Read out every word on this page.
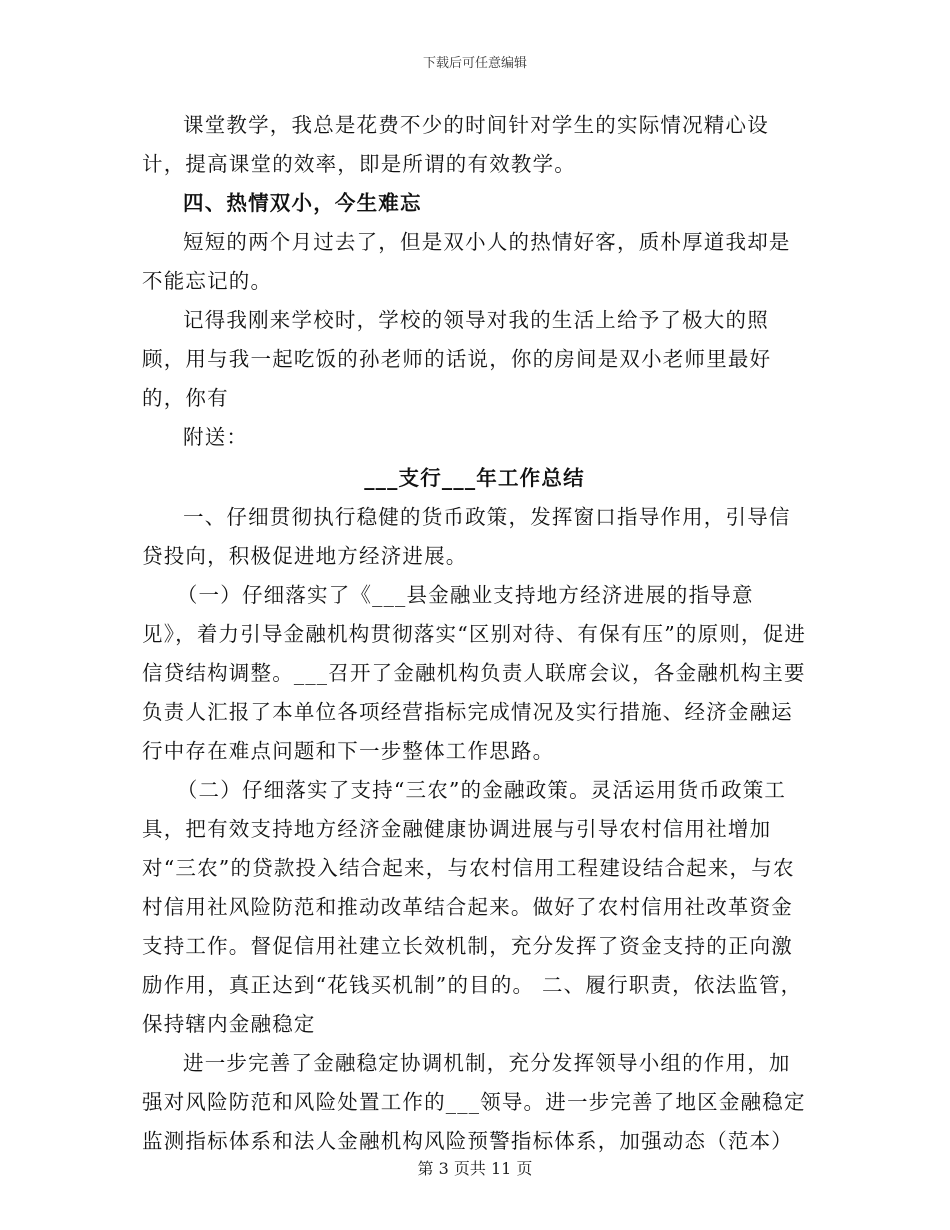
下载后可任意编辑

课堂教学，我总是花费不少的时间针对学生的实际情况精心设计，提高课堂的效率，即是所谓的有效教学。

四、热情双小，今生难忘

短短的两个月过去了，但是双小人的热情好客，质朴厚道我却是不能忘记的。

记得我刚来学校时，学校的领导对我的生活上给予了极大的照顾，用与我一起吃饭的孙老师的话说，你的房间是双小老师里最好的，你有

附送：

___支行___年工作总结

一、仔细贯彻执行稳健的货币政策，发挥窗口指导作用，引导信贷投向，积极促进地方经济进展。

（一）仔细落实了《___县金融业支持地方经济进展的指导意见》，着力引导金融机构贯彻落实“区别对待、有保有压”的原则，促进信贷结构调整。___召开了金融机构负责人联席会议，各金融机构主要负责人汇报了本单位各项经营指标完成情况及实行措施、经济金融运行中存在难点问题和下一步整体工作思路。

（二）仔细落实了支持“三农”的金融政策。灵活运用货币政策工具，把有效支持地方经济金融健康协调进展与引导农村信用社增加对“三农”的贷款投入结合起来，与农村信用工程建设结合起来，与农村信用社风险防范和推动改革结合起来。做好了农村信用社改革资金支持工作。督促信用社建立长效机制，充分发挥了资金支持的正向激励作用，真正达到“花钱买机制”的目的。 二、履行职责，依法监管，保持辖内金融稳定

进一步完善了金融稳定协调机制，充分发挥领导小组的作用，加强对风险防范和风险处置工作的___领导。进一步完善了地区金融稳定监测指标体系和法人金融机构风险预警指标体系，加强动态（范本）

第 3 页共 11 页
